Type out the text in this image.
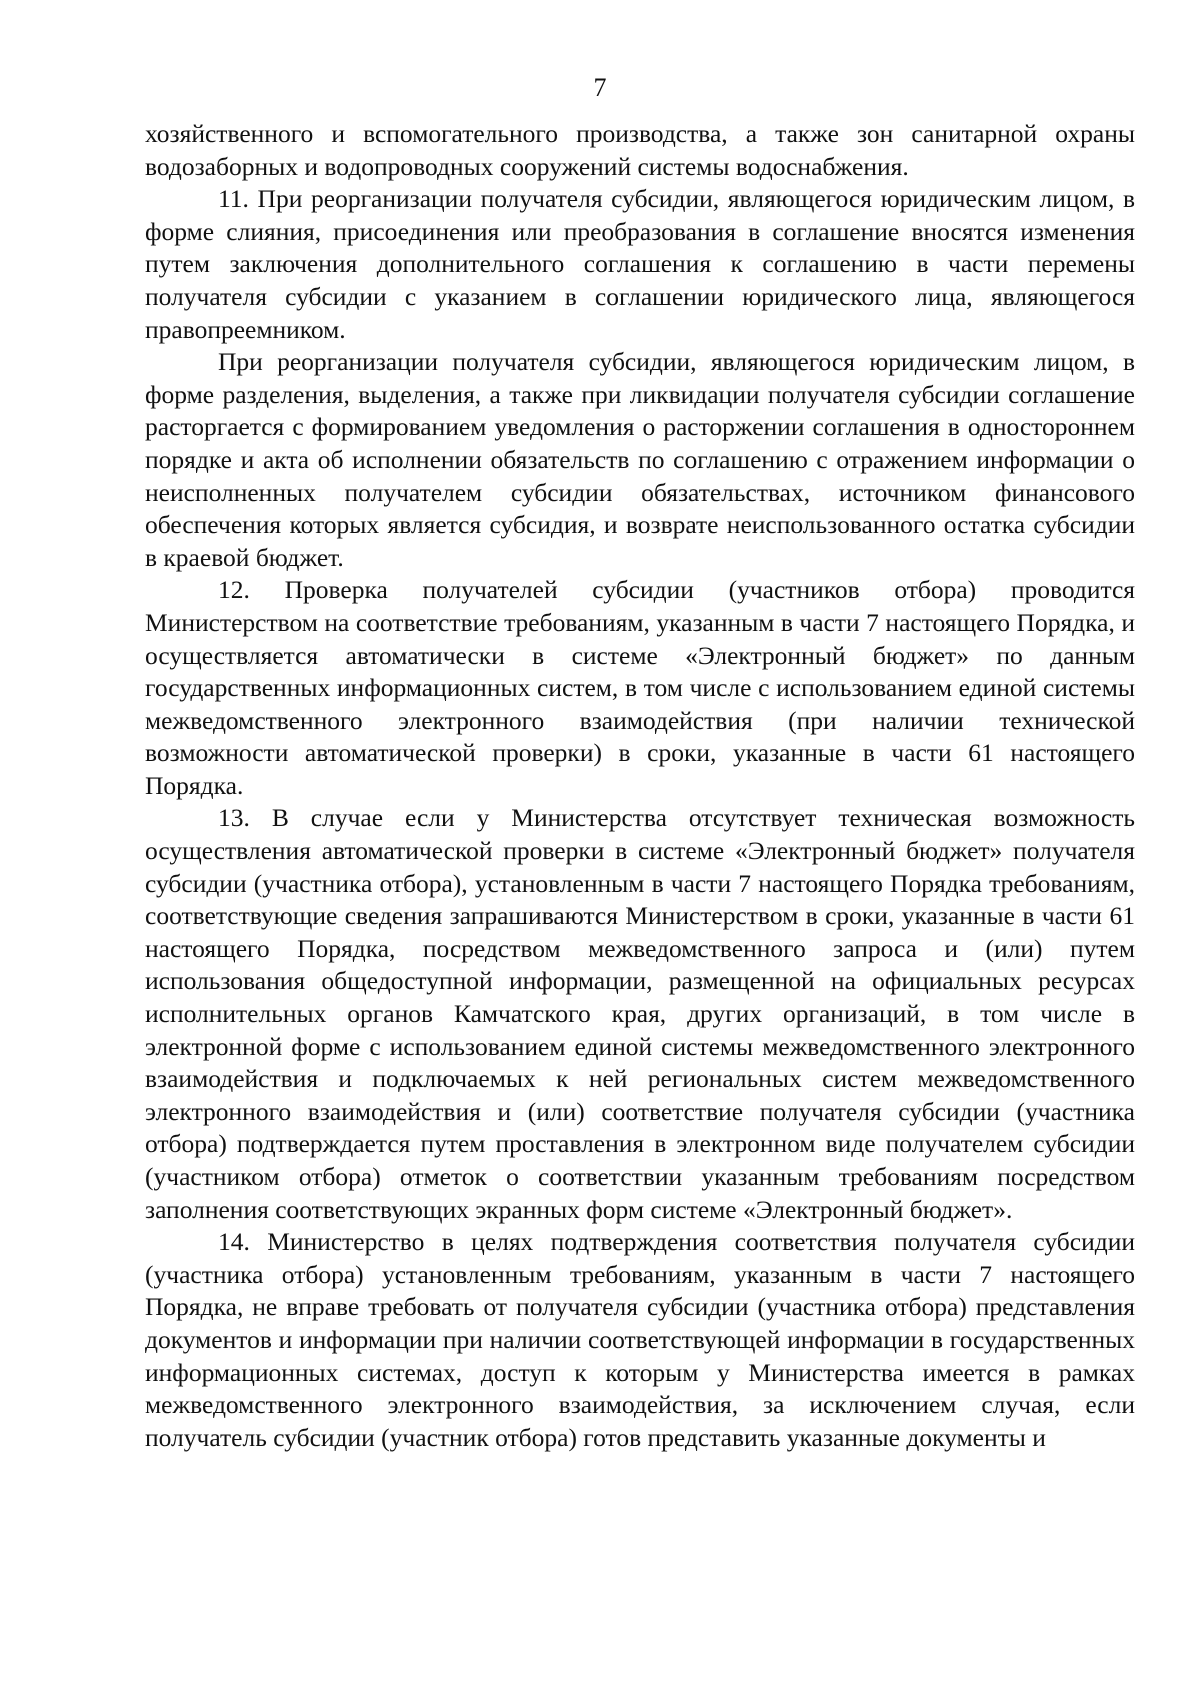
7

хозяйственного и вспомогательного производства, а также зон санитарной охраны водозаборных и водопроводных сооружений системы водоснабжения.

11. При реорганизации получателя субсидии, являющегося юридическим лицом, в форме слияния, присоединения или преобразования в соглашение вносятся изменения путем заключения дополнительного соглашения к соглашению в части перемены получателя субсидии с указанием в соглашении юридического лица, являющегося правопреемником.

При реорганизации получателя субсидии, являющегося юридическим лицом, в форме разделения, выделения, а также при ликвидации получателя субсидии соглашение расторгается с формированием уведомления о расторжении соглашения в одностороннем порядке и акта об исполнении обязательств по соглашению с отражением информации о неисполненных получателем субсидии обязательствах, источником финансового обеспечения которых является субсидия, и возврате неиспользованного остатка субсидии в краевой бюджет.

12. Проверка получателей субсидии (участников отбора) проводится Министерством на соответствие требованиям, указанным в части 7 настоящего Порядка, и осуществляется автоматически в системе «Электронный бюджет» по данным государственных информационных систем, в том числе с использованием единой системы межведомственного электронного взаимодействия (при наличии технической возможности автоматической проверки) в сроки, указанные в части 61 настоящего Порядка.

13. В случае если у Министерства отсутствует техническая возможность осуществления автоматической проверки в системе «Электронный бюджет» получателя субсидии (участника отбора), установленным в части 7 настоящего Порядка требованиям, соответствующие сведения запрашиваются Министерством в сроки, указанные в части 61 настоящего Порядка, посредством межведомственного запроса и (или) путем использования общедоступной информации, размещенной на официальных ресурсах исполнительных органов Камчатского края, других организаций, в том числе в электронной форме с использованием единой системы межведомственного электронного взаимодействия и подключаемых к ней региональных систем межведомственного электронного взаимодействия и (или) соответствие получателя субсидии (участника отбора) подтверждается путем проставления в электронном виде получателем субсидии (участником отбора) отметок о соответствии указанным требованиям посредством заполнения соответствующих экранных форм системе «Электронный бюджет».

14. Министерство в целях подтверждения соответствия получателя субсидии (участника отбора) установленным требованиям, указанным в части 7 настоящего Порядка, не вправе требовать от получателя субсидии (участника отбора) представления документов и информации при наличии соответствующей информации в государственных информационных системах, доступ к которым у Министерства имеется в рамках межведомственного электронного взаимодействия, за исключением случая, если получатель субсидии (участник отбора) готов представить указанные документы и
